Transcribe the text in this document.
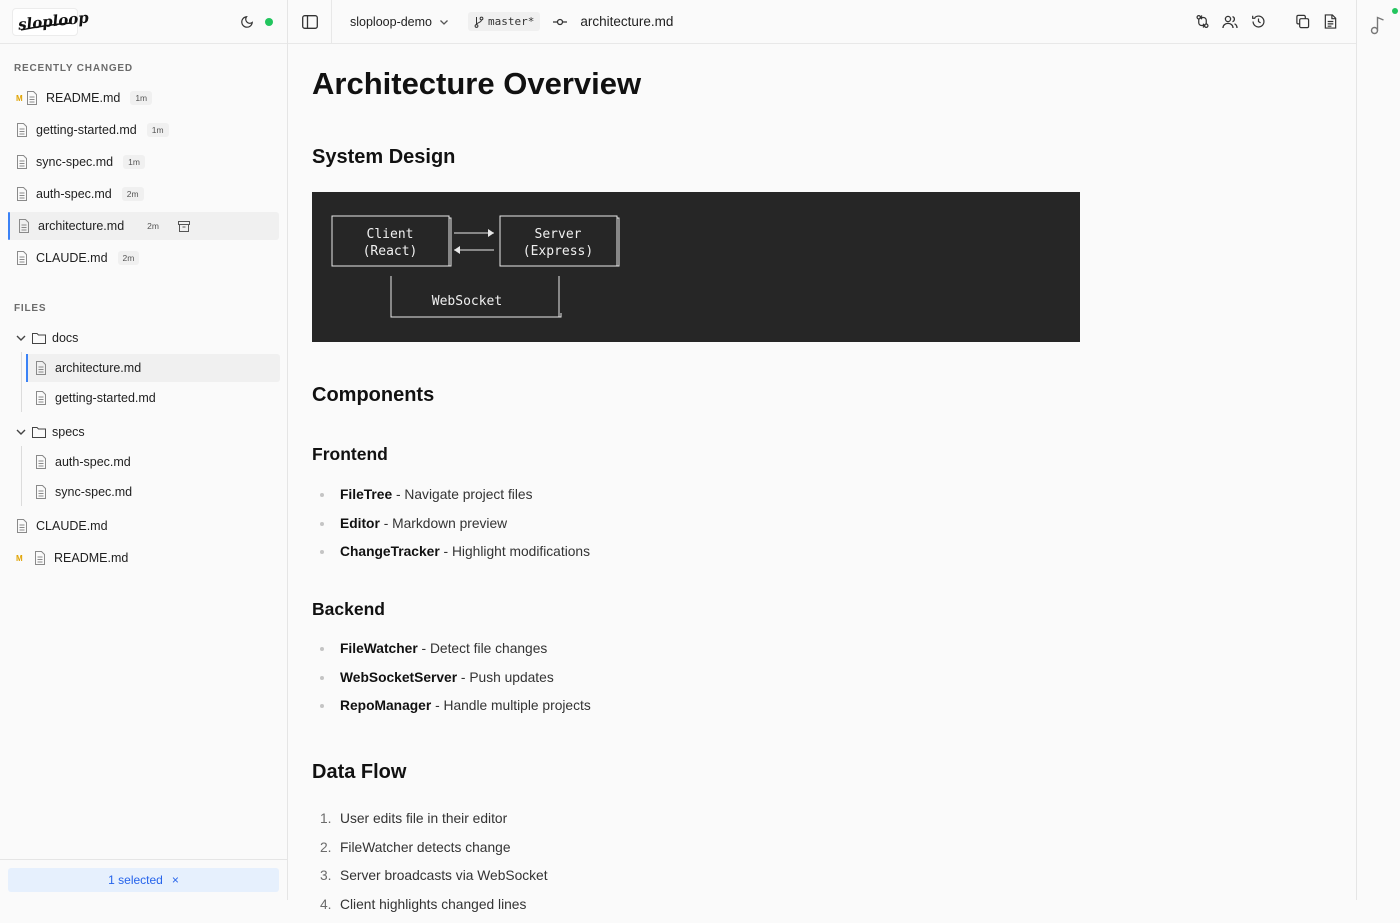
sloploop
RECENTLY CHANGED
M README.md	1m
getting-started.md	1m
sync-spec.md	1m
auth-spec.md	2m
architecture.md	2m
CLAUDE.md	2m
FILES
docs
architecture.md
getting-started.md
specs
auth-spec.md
sync-spec.md
CLAUDE.md
M	README.md
1 selected ×
sloploop-demo	master*	architecture.md
Architecture Overview
System Design
Client
(React)
Server
(Express)
WebSocket
Components
Frontend
FileTree - Navigate project files
Editor - Markdown preview
ChangeTracker - Highlight modifications
Backend
FileWatcher - Detect file changes
WebSocketServer - Push updates
RepoManager - Handle multiple projects
Data Flow
1. User edits file in their editor
2. FileWatcher detects change
3. Server broadcasts via WebSocket
4. Client highlights changed lines
